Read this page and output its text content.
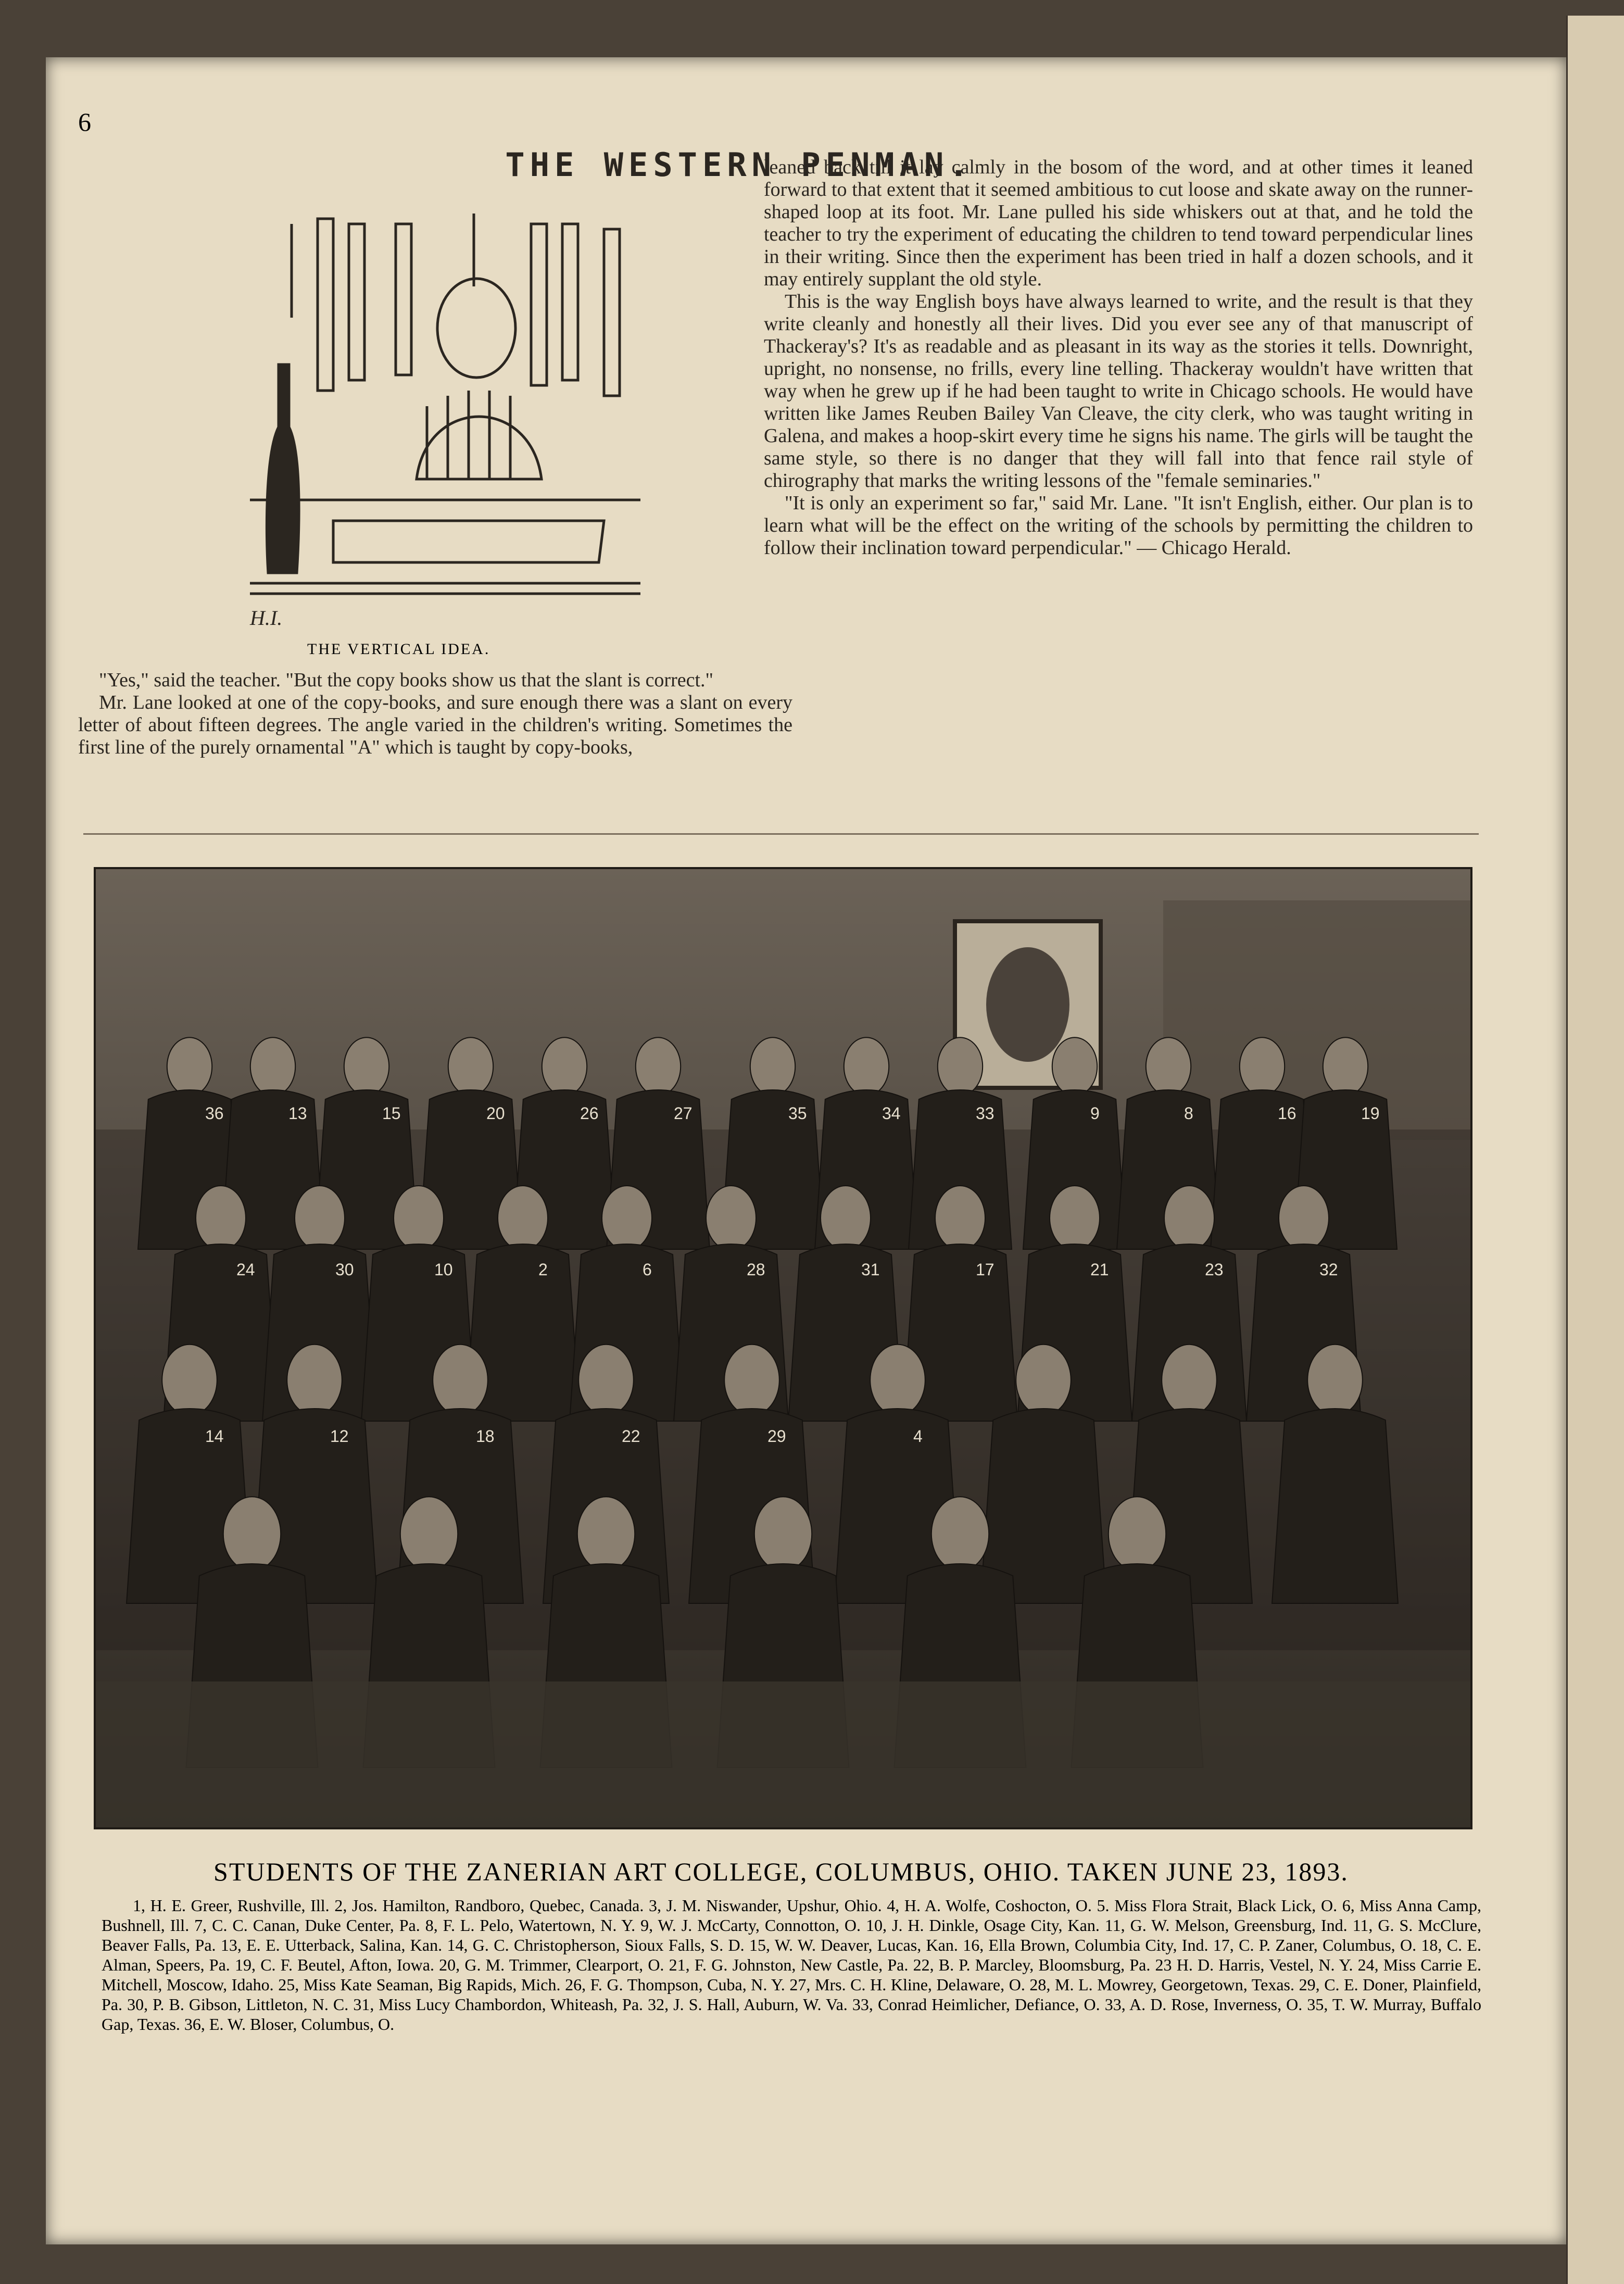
6
THE WESTERN PENMAN.
H.I.
THE VERTICAL IDEA.

"Yes," said the teacher. "But the copy books show us that the slant is correct."

Mr. Lane looked at one of the copy-books, and sure enough there was a slant on every letter of about fifteen degrees. The angle varied in the children's writing. Sometimes the first line of the purely ornamental "A" which is taught by copy-books,

leaned back till it lay calmly in the bosom of the word, and at other times it leaned forward to that extent that it seemed ambitious to cut loose and skate away on the runner-shaped loop at its foot. Mr. Lane pulled his side whiskers out at that, and he told the teacher to try the experiment of educating the children to tend toward perpendicular lines in their writing. Since then the experiment has been tried in half a dozen schools, and it may entirely supplant the old style.

This is the way English boys have always learned to write, and the result is that they write cleanly and honestly all their lives. Did you ever see any of that manuscript of Thackeray's? It's as readable and as pleasant in its way as the stories it tells. Downright, upright, no nonsense, no frills, every line telling. Thackeray wouldn't have written that way when he grew up if he had been taught to write in Chicago schools. He would have written like James Reuben Bailey Van Cleave, the city clerk, who was taught writing in Galena, and makes a hoop-skirt every time he signs his name. The girls will be taught the same style, so there is no danger that they will fall into that fence rail style of chirography that marks the writing lessons of the "female seminaries."

"It is only an experiment so far," said Mr. Lane. "It isn't English, either. Our plan is to learn what will be the effect on the writing of the schools by permitting the children to follow their inclination toward perpendicular." — Chicago Herald.

36	13	15	20	26	27	35	34	33	9	8	16	19
24	30	10	2	6	28	31	17	21	23	32
14	12	18	22	29	4
STUDENTS OF THE ZANERIAN ART COLLEGE, COLUMBUS, OHIO. TAKEN JUNE 23, 1893.
1, H. E. Greer, Rushville, Ill. 2, Jos. Hamilton, Randboro, Quebec, Canada. 3, J. M. Niswander, Upshur, Ohio. 4, H. A. Wolfe, Coshocton, O. 5. Miss Flora Strait, Black Lick, O. 6, Miss Anna Camp, Bushnell, Ill. 7, C. C. Canan, Duke Center, Pa. 8, F. L. Pelo, Watertown, N. Y. 9, W. J. McCarty, Connotton, O. 10, J. H. Dinkle, Osage City, Kan. 11, G. W. Melson, Greensburg, Ind. 11, G. S. McClure, Beaver Falls, Pa. 13, E. E. Utterback, Salina, Kan. 14, G. C. Christopherson, Sioux Falls, S. D. 15, W. W. Deaver, Lucas, Kan. 16, Ella Brown, Columbia City, Ind. 17, C. P. Zaner, Columbus, O. 18, C. E. Alman, Speers, Pa. 19, C. F. Beutel, Afton, Iowa. 20, G. M. Trimmer, Clearport, O. 21, F. G. Johnston, New Castle, Pa. 22, B. P. Marcley, Bloomsburg, Pa. 23 H. D. Harris, Vestel, N. Y. 24, Miss Carrie E. Mitchell, Moscow, Idaho. 25, Miss Kate Seaman, Big Rapids, Mich. 26, F. G. Thompson, Cuba, N. Y. 27, Mrs. C. H. Kline, Delaware, O. 28, M. L. Mowrey, Georgetown, Texas. 29, C. E. Doner, Plainfield, Pa. 30, P. B. Gibson, Littleton, N. C. 31, Miss Lucy Chambordon, Whiteash, Pa. 32, J. S. Hall, Auburn, W. Va. 33, Conrad Heimlicher, Defiance, O. 33, A. D. Rose, Inverness, O. 35, T. W. Murray, Buffalo Gap, Texas. 36, E. W. Bloser, Columbus, O.
